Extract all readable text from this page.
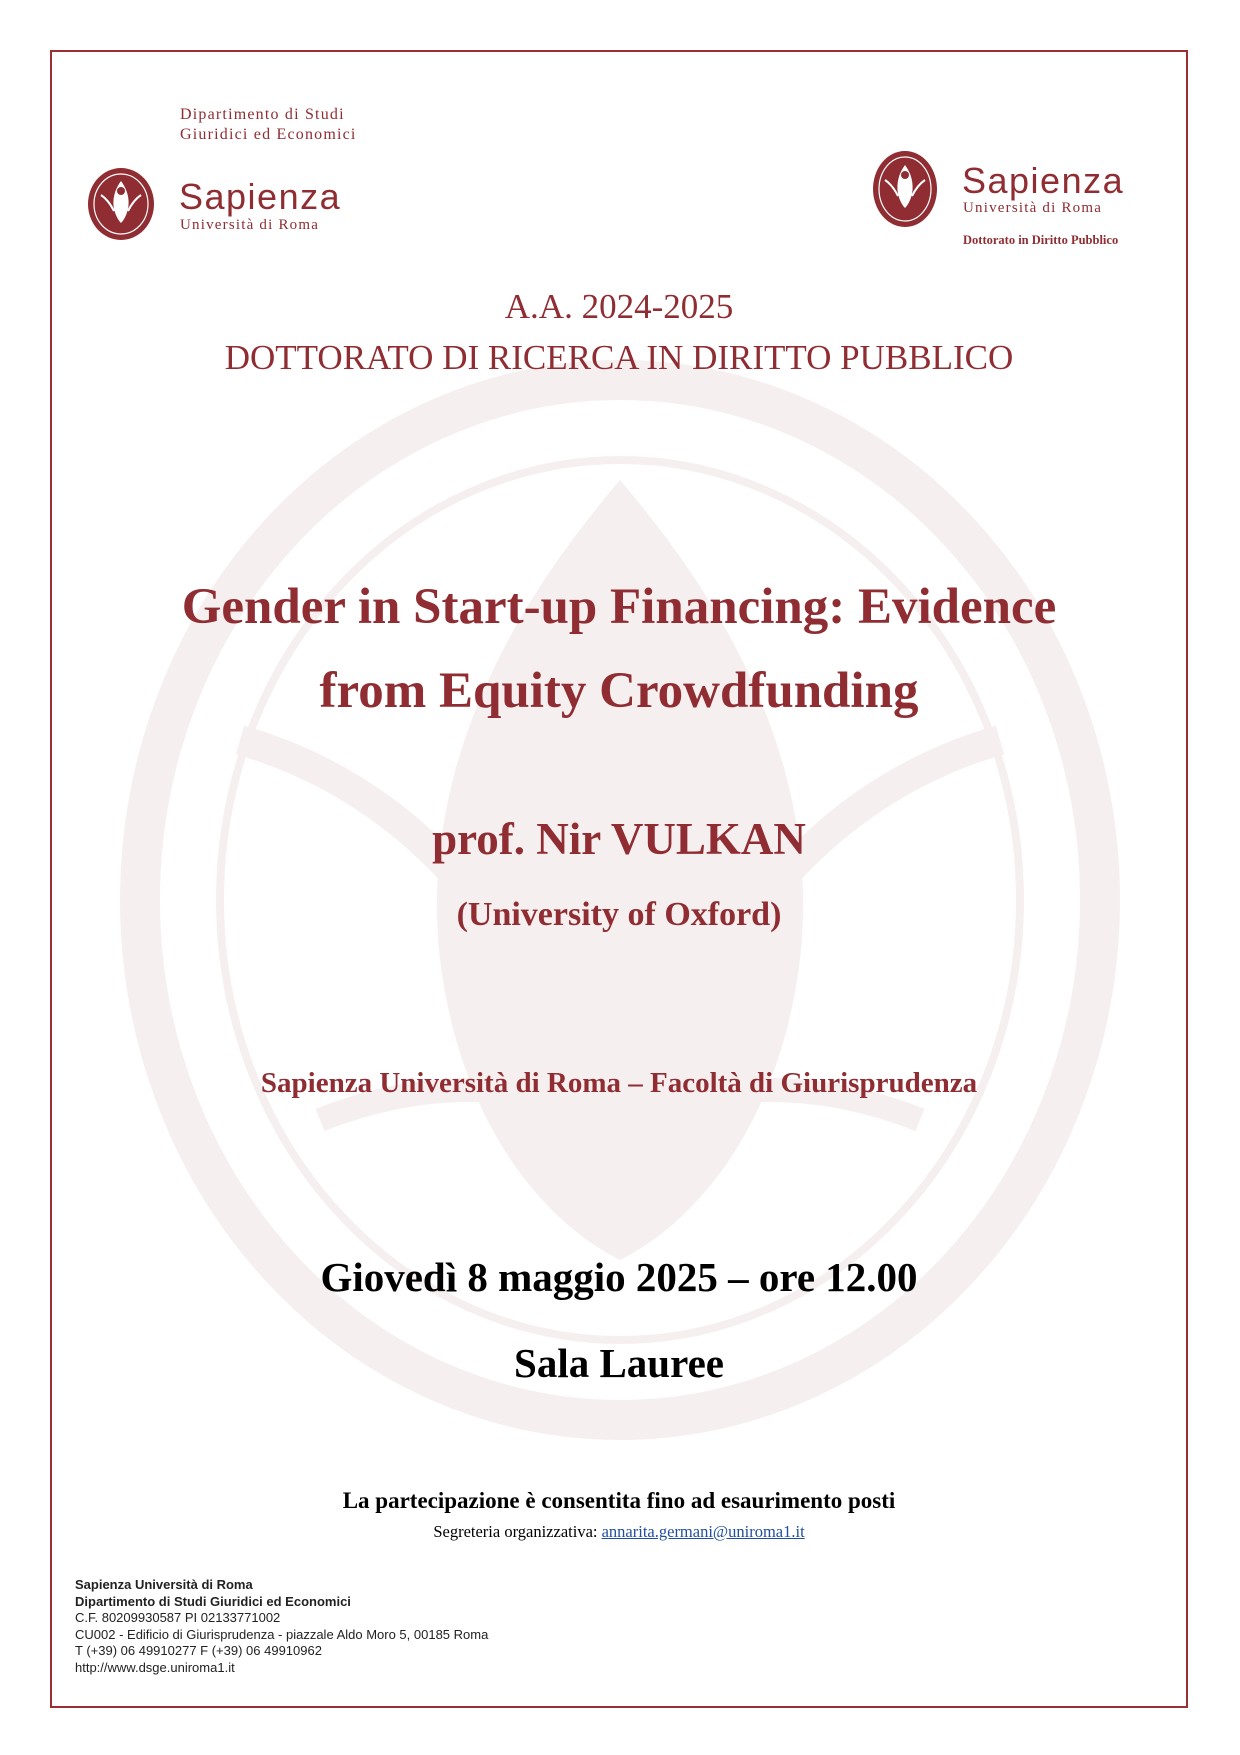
Dipartimento di Studi
Giuridici ed Economici
Sapienza
Università di Roma
Sapienza
Università di Roma
Dottorato in Diritto Pubblico
A.A. 2024-2025
DOTTORATO DI RICERCA IN DIRITTO PUBBLICO
Gender in Start-up Financing: Evidence
from Equity Crowdfunding
prof. Nir VULKAN
(University of Oxford)
Sapienza Università di Roma – Facoltà di Giurisprudenza
Giovedì 8 maggio 2025 – ore 12.00
Sala Lauree
La partecipazione è consentita fino ad esaurimento posti
Segreteria organizzativa: annarita.germani@uniroma1.it
Sapienza Università di Roma
Dipartimento di Studi Giuridici ed Economici
C.F. 80209930587 PI 02133771002
CU002 - Edificio di Giurisprudenza - piazzale Aldo Moro 5, 00185 Roma
T (+39) 06 49910277 F (+39) 06 49910962
http://www.dsge.uniroma1.it
